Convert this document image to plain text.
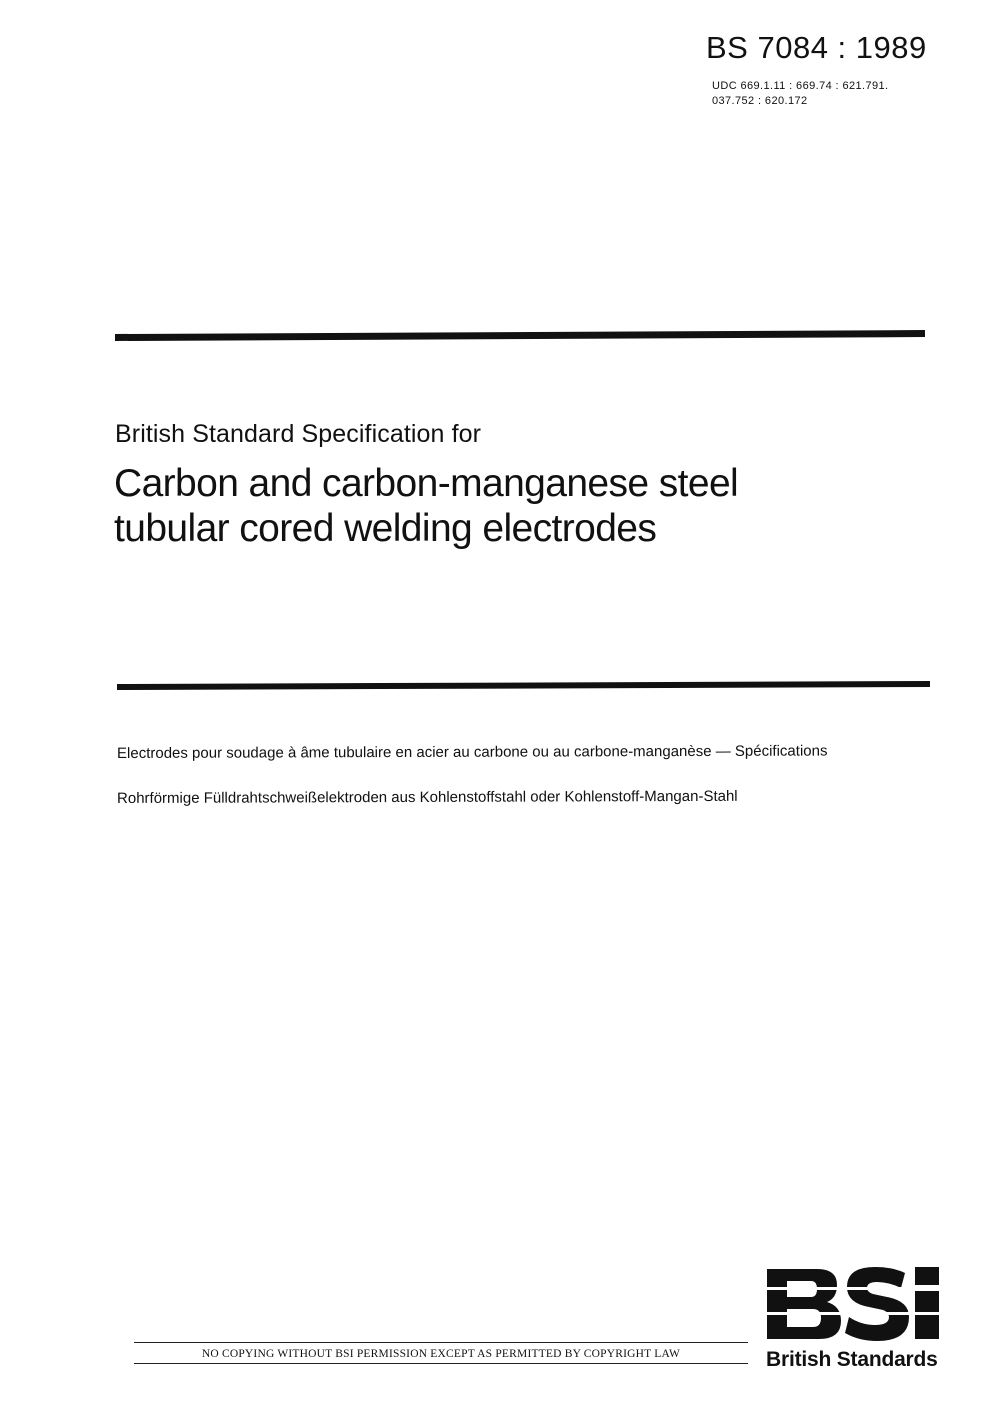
BS 7084 : 1989
UDC 669.1.11 : 669.74 : 621.791.
037.752 : 620.172
British Standard Specification for
Carbon and carbon-manganese steel
tubular cored welding electrodes
Electrodes pour soudage à âme tubulaire en acier au carbone ou au carbone-manganèse — Spécifications
Rohrförmige Fülldrahtschweißelektroden aus Kohlenstoffstahl oder Kohlenstoff-Mangan-Stahl
NO COPYING WITHOUT BSI PERMISSION EXCEPT AS PERMITTED BY COPYRIGHT LAW	British Standards
